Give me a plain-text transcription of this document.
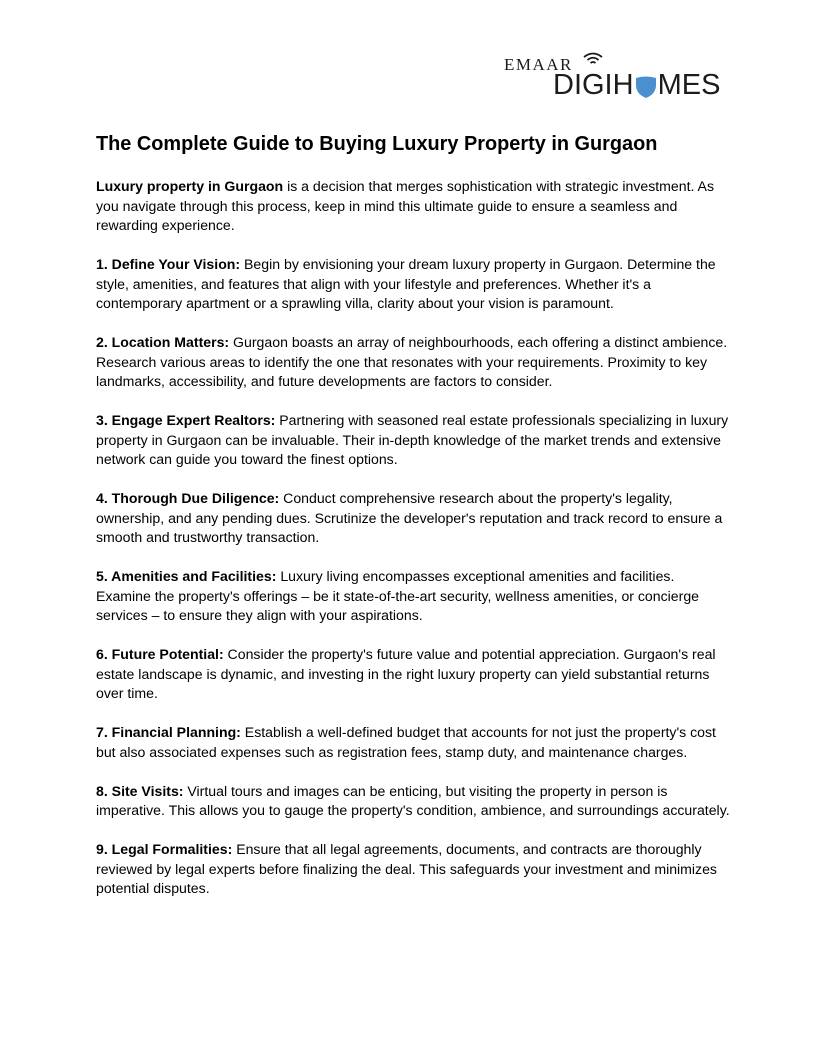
EMAAR
DIGIH MES
The Complete Guide to Buying Luxury Property in Gurgaon

Luxury property in Gurgaon is a decision that merges sophistication with strategic investment. As you navigate through this process, keep in mind this ultimate guide to ensure a seamless and rewarding experience.

1. Define Your Vision: Begin by envisioning your dream luxury property in Gurgaon. Determine the style, amenities, and features that align with your lifestyle and preferences. Whether it's a contemporary apartment or a sprawling villa, clarity about your vision is paramount.

2. Location Matters: Gurgaon boasts an array of neighbourhoods, each offering a distinct ambience. Research various areas to identify the one that resonates with your requirements. Proximity to key landmarks, accessibility, and future developments are factors to consider.

3. Engage Expert Realtors: Partnering with seasoned real estate professionals specializing in luxury property in Gurgaon can be invaluable. Their in-depth knowledge of the market trends and extensive network can guide you toward the finest options.

4. Thorough Due Diligence: Conduct comprehensive research about the property's legality, ownership, and any pending dues. Scrutinize the developer's reputation and track record to ensure a smooth and trustworthy transaction.

5. Amenities and Facilities: Luxury living encompasses exceptional amenities and facilities. Examine the property's offerings – be it state-of-the-art security, wellness amenities, or concierge services – to ensure they align with your aspirations.

6. Future Potential: Consider the property's future value and potential appreciation. Gurgaon's real estate landscape is dynamic, and investing in the right luxury property can yield substantial returns over time.

7. Financial Planning: Establish a well-defined budget that accounts for not just the property's cost but also associated expenses such as registration fees, stamp duty, and maintenance charges.

8. Site Visits: Virtual tours and images can be enticing, but visiting the property in person is imperative. This allows you to gauge the property's condition, ambience, and surroundings accurately.

9. Legal Formalities: Ensure that all legal agreements, documents, and contracts are thoroughly reviewed by legal experts before finalizing the deal. This safeguards your investment and minimizes potential disputes.
